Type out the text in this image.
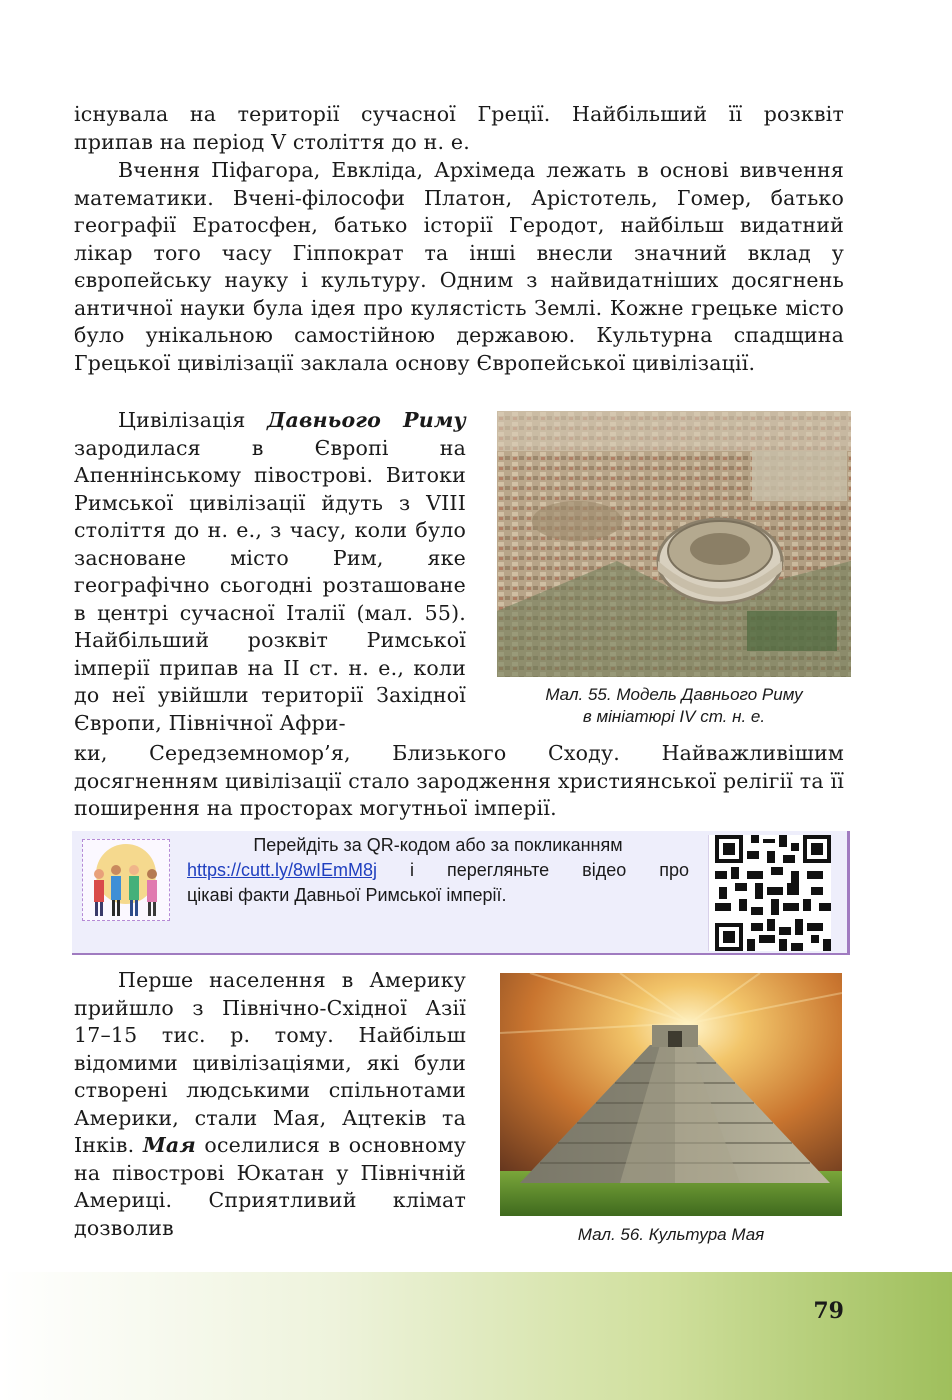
існувала на території сучасної Греції. Найбільший її розквіт
припав на період V століття до н. е.
Вчення Піфагора, Евкліда, Архімеда лежать в основі вивчення математики. Вчені-філософи Платон, Арістотель, Гомер, батько географії Ератосфен, батько історії Геродот, найбільш видатний лікар того часу Гіппократ та інші внесли значний вклад у європейську науку і культуру. Одним з найвидатніших досягнень античної науки була ідея про кулястість Землі. Кожне грецьке місто було унікальною самостійною державою. Культурна спадщина Грецької цивілізації заклала основу Європейської цивілізації.
Цивілізація Давнього Риму зародилася в Європі на Апеннінському півострові. Витоки Римської цивілізації йдуть з VIII століття до н. е., з часу, коли було засноване місто Рим, яке географічно сьогодні розташоване в центрі сучасної Італії (мал. 55). Найбільший розквіт Римської імперії припав на II ст. н. е., коли до неї увійшли території Західної Європи, Північної Афри-
Мал. 55. Модель Давнього Риму
в мініатюрі IV ст. н. е.
ки, Середземномор’я, Близького Сходу. Найважливішим досягненням цивілізації стало зародження християнської релігії та її поширення на просторах могутньої імперії.
Перейдіть за QR-кодом або за покликанням
https://cutt.ly/8wIEmM8j і перегляньте відео про
цікаві факти Давньої Римської імперії.
Перше населення в Америку прийшло з Північно-Східної Азії 17–15 тис. р. тому. Найбільш відомими цивілізаціями, які були створені людськими спільнотами Америки, стали Мая, Ацтеків та Інків. Мая оселилися в основному на півострові Юкатан у Північній Америці. Сприятливий клімат дозволив	Мал. 56. Культура Мая
79
